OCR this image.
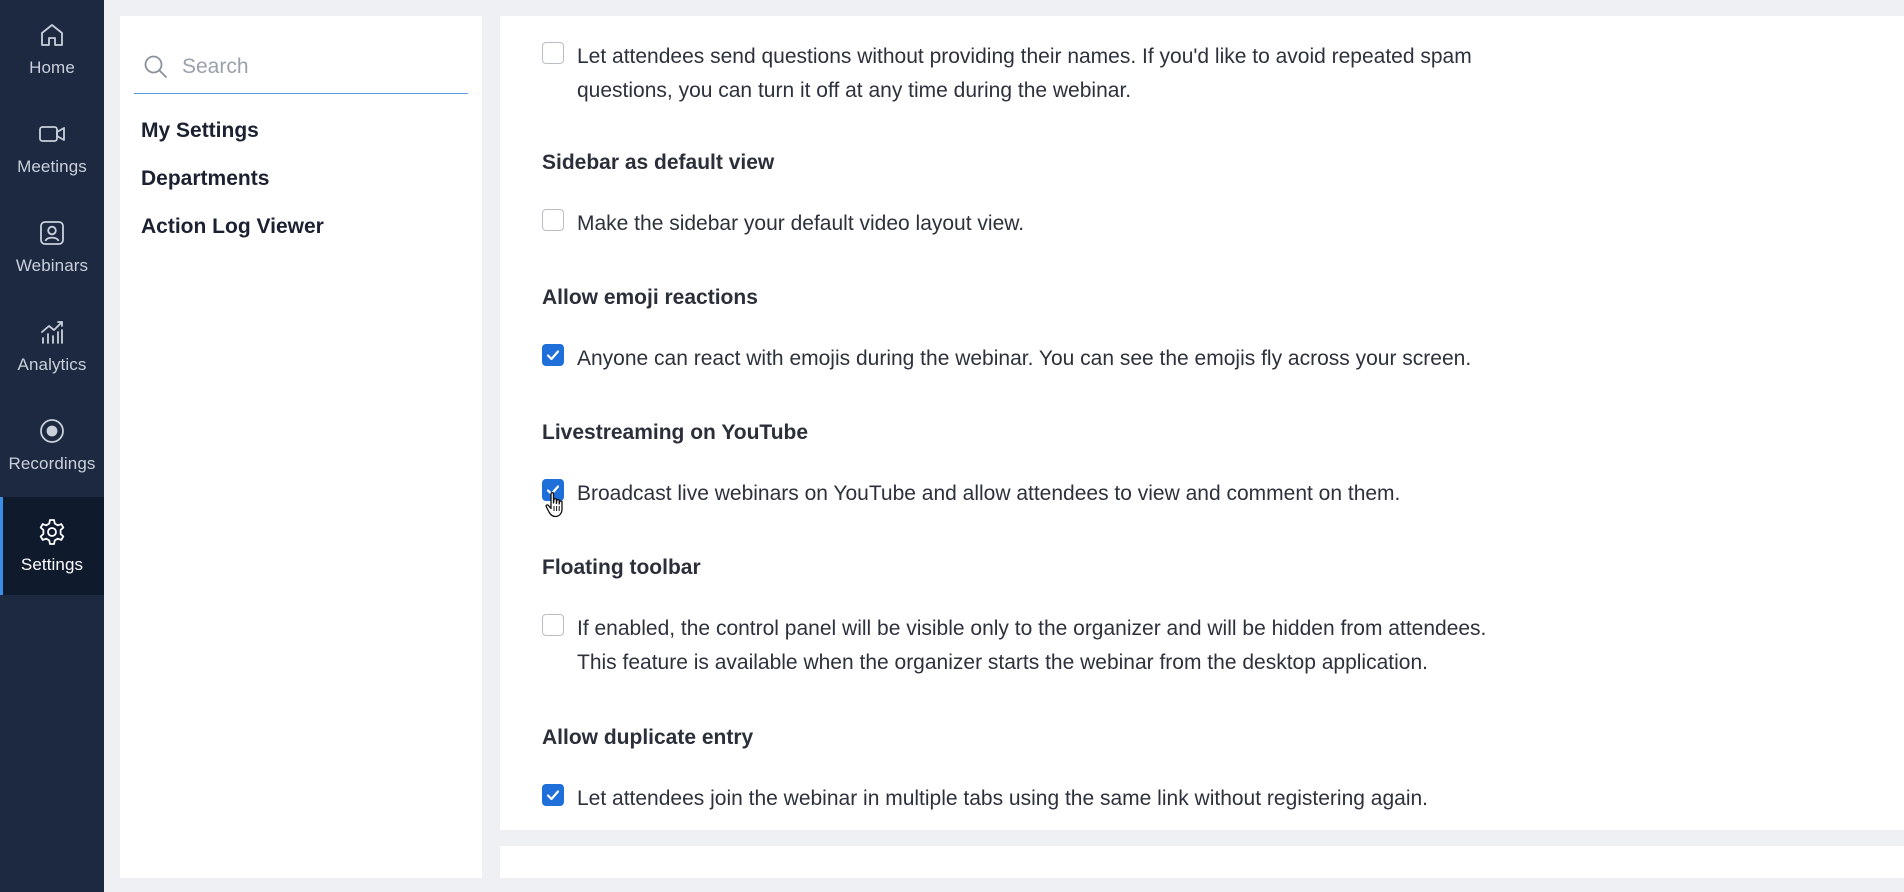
Home
Meetings
Webinars
Analytics
Recordings
Settings
Search
My Settings
Departments
Action Log Viewer
Let attendees send questions without providing their names. If you'd like to avoid repeated spam
questions, you can turn it off at any time during the webinar.
Sidebar as default view
Make the sidebar your default video layout view.
Allow emoji reactions
Anyone can react with emojis during the webinar. You can see the emojis fly across your screen.
Livestreaming on YouTube
Broadcast live webinars on YouTube and allow attendees to view and comment on them.
Floating toolbar
If enabled, the control panel will be visible only to the organizer and will be hidden from attendees.
This feature is available when the organizer starts the webinar from the desktop application.
Allow duplicate entry
Let attendees join the webinar in multiple tabs using the same link without registering again.
